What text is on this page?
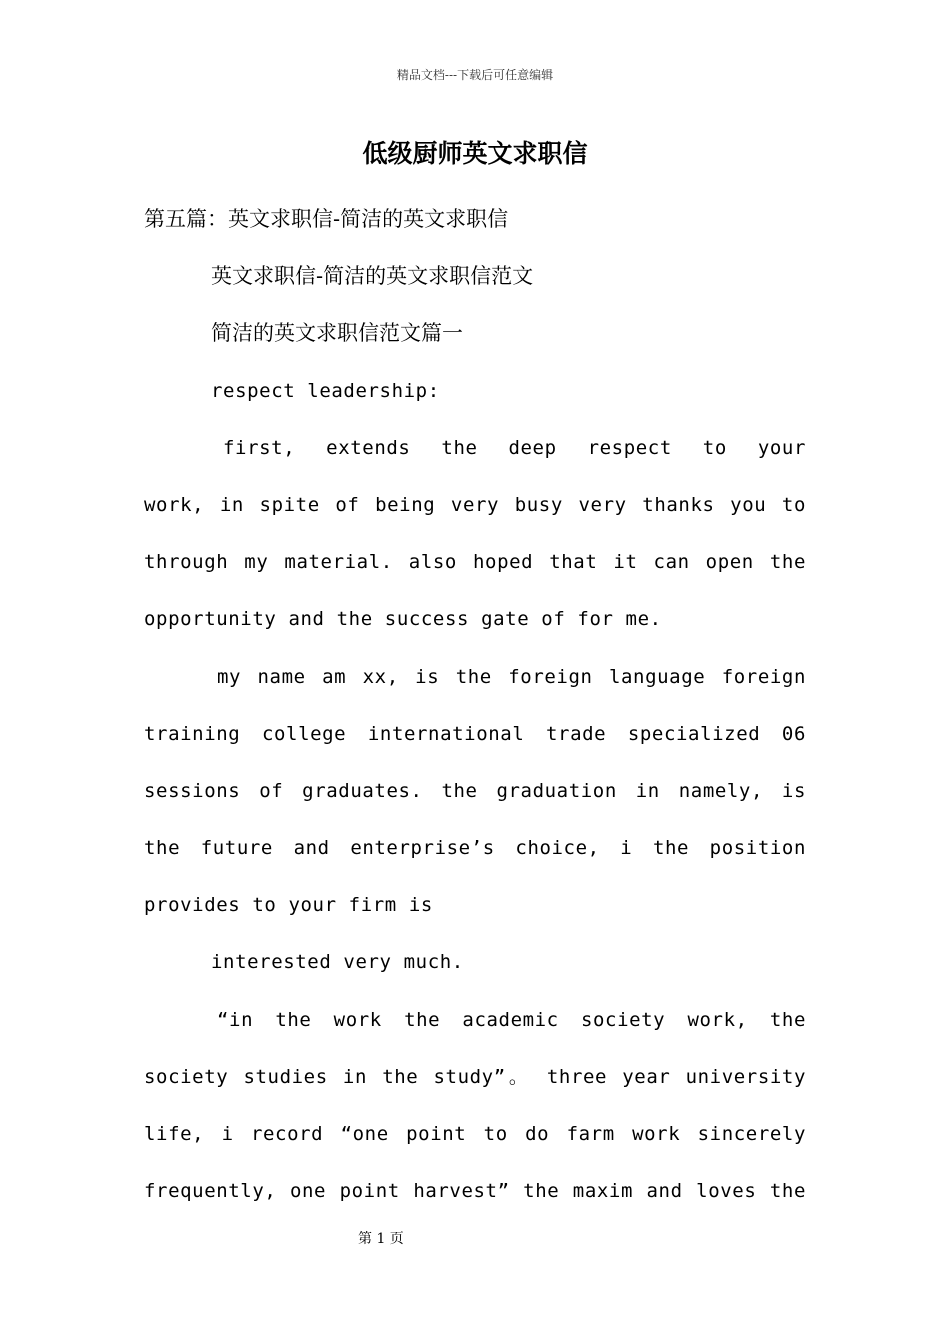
精品文档---下载后可任意编辑
低级厨师英文求职信
第五篇：英文求职信-简洁的英文求职信
英文求职信-简洁的英文求职信范文
简洁的英文求职信范文篇一
respect leadership:
first, extends the deep respect to your
work, in spite of being very busy very thanks you to
through my material. also hoped that it can open the
opportunity and the success gate of for me.
my name am xx, is the foreign language foreign
training college international trade specialized 06
sessions of graduates. the graduation in namely, is
the future and enterprise’s choice, i the position
provides to your firm is
interested very much.
“in the work the academic society work, the
society studies in the study”。 three year university
life, i record “one point to do farm work sincerely
frequently, one point harvest” the maxim and loves the
第 1 页
